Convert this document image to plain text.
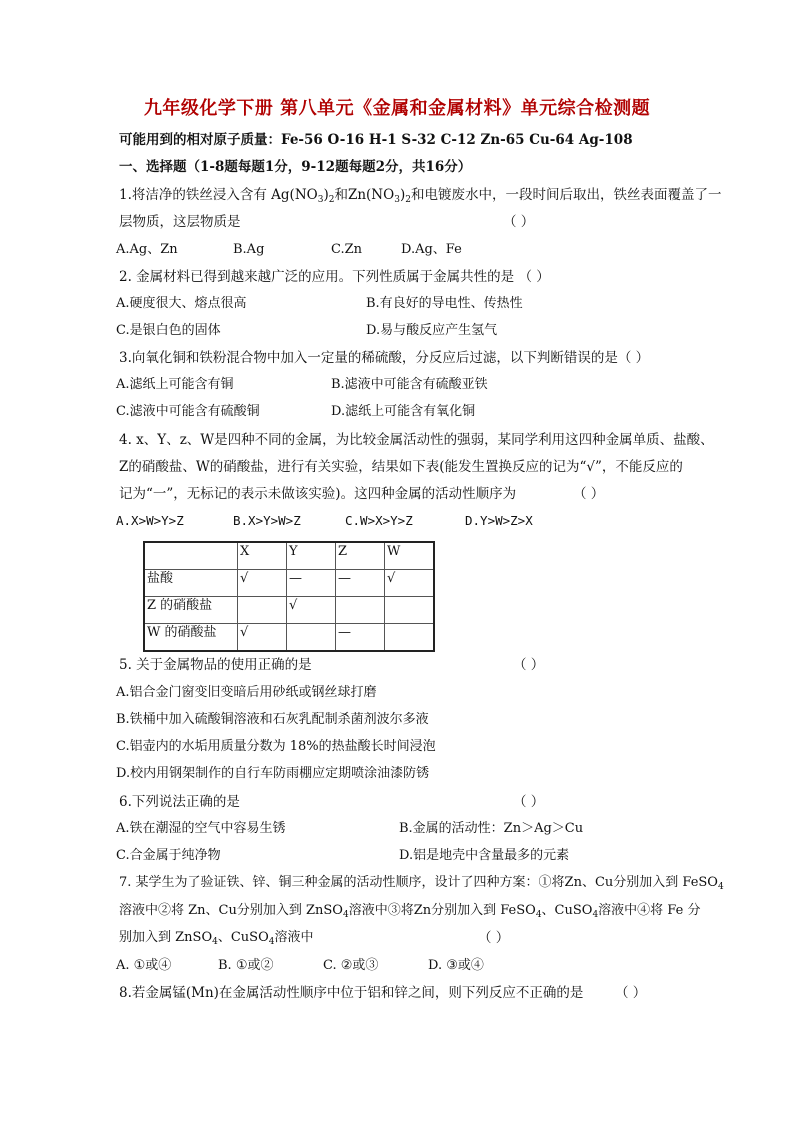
九年级化学下册 第八单元《金属和金属材料》单元综合检测题
可能用到的相对原子质量：Fe-56 O-16 H-1 S-32 C-12 Zn-65 Cu-64 Ag-108
一、选择题（1-8题每题1分，9-12题每题2分，共16分）
1.将洁净的铁丝浸入含有 $Ag(NO_3)_2$和$Zn(NO_3)_2$和电镀废水中，一段时间后取出，铁丝表面覆盖了一
层物质，这层物质是	（ ）
A.Ag、Zn	B.Ag	C.Zn	D.Ag、Fe
2. 金属材料已得到越来越广泛的应用。下列性质属于金属共性的是 （ ）
A.硬度很大、熔点很高	B.有良好的导电性、传热性
C.是银白色的固体	D.易与酸反应产生氢气
3.向氧化铜和铁粉混合物中加入一定量的稀硫酸，分反应后过滤，以下判断错误的是（ ）
A.滤纸上可能含有铜	B.滤液中可能含有硫酸亚铁
C.滤液中可能含有硫酸铜	D.滤纸上可能含有氧化铜
4. x、Y、z、W是四种不同的金属，为比较金属活动性的强弱，某同学利用这四种金属单质、盐酸、
Z的硝酸盐、W的硝酸盐，进行有关实验，结果如下表(能发生置换反应的记为“√”，不能反应的
记为“一”，无标记的表示未做该实验)。这四种金属的活动性顺序为	（ ）
A.X>W>Y>Z	B.X>Y>W>Z	C.W>X>Y>Z	D.Y>W>Z>X
	X	Y	Z	W
盐酸	√	—	—	√
Z 的硝酸盐		√		
W 的硝酸盐	√		—	
5. 关于金属物品的使用正确的是	（ ）
A.铝合金门窗变旧变暗后用砂纸或钢丝球打磨
B.铁桶中加入硫酸铜溶液和石灰乳配制杀菌剂波尔多液
C.铝壶内的水垢用质量分数为 18%的热盐酸长时间浸泡
D.校内用钢架制作的自行车防雨棚应定期喷涂油漆防锈
6.下列说法正确的是	（ ）
A.铁在潮湿的空气中容易生锈	B.金属的活动性：Zn＞Ag＞Cu
C.合金属于纯净物	D.铝是地壳中含量最多的元素
7. 某学生为了验证铁、锌、铜三种金属的活动性顺序，设计了四种方案：①将Zn、Cu分别加入到 FeSO$_4$
溶液中②将 Zn、Cu分别加入到 ZnSO$_4$溶液中③将Zn分别加入到 FeSO$_4$、CuSO$_4$溶液中④将 Fe 分
别加入到 ZnSO$_4$、CuSO$_4$溶液中	（ ）
A. ①或④	B. ①或②	C. ②或③	D. ③或④
8.若金属锰(Mn)在金属活动性顺序中位于铝和锌之间，则下列反应不正确的是 （ ）
